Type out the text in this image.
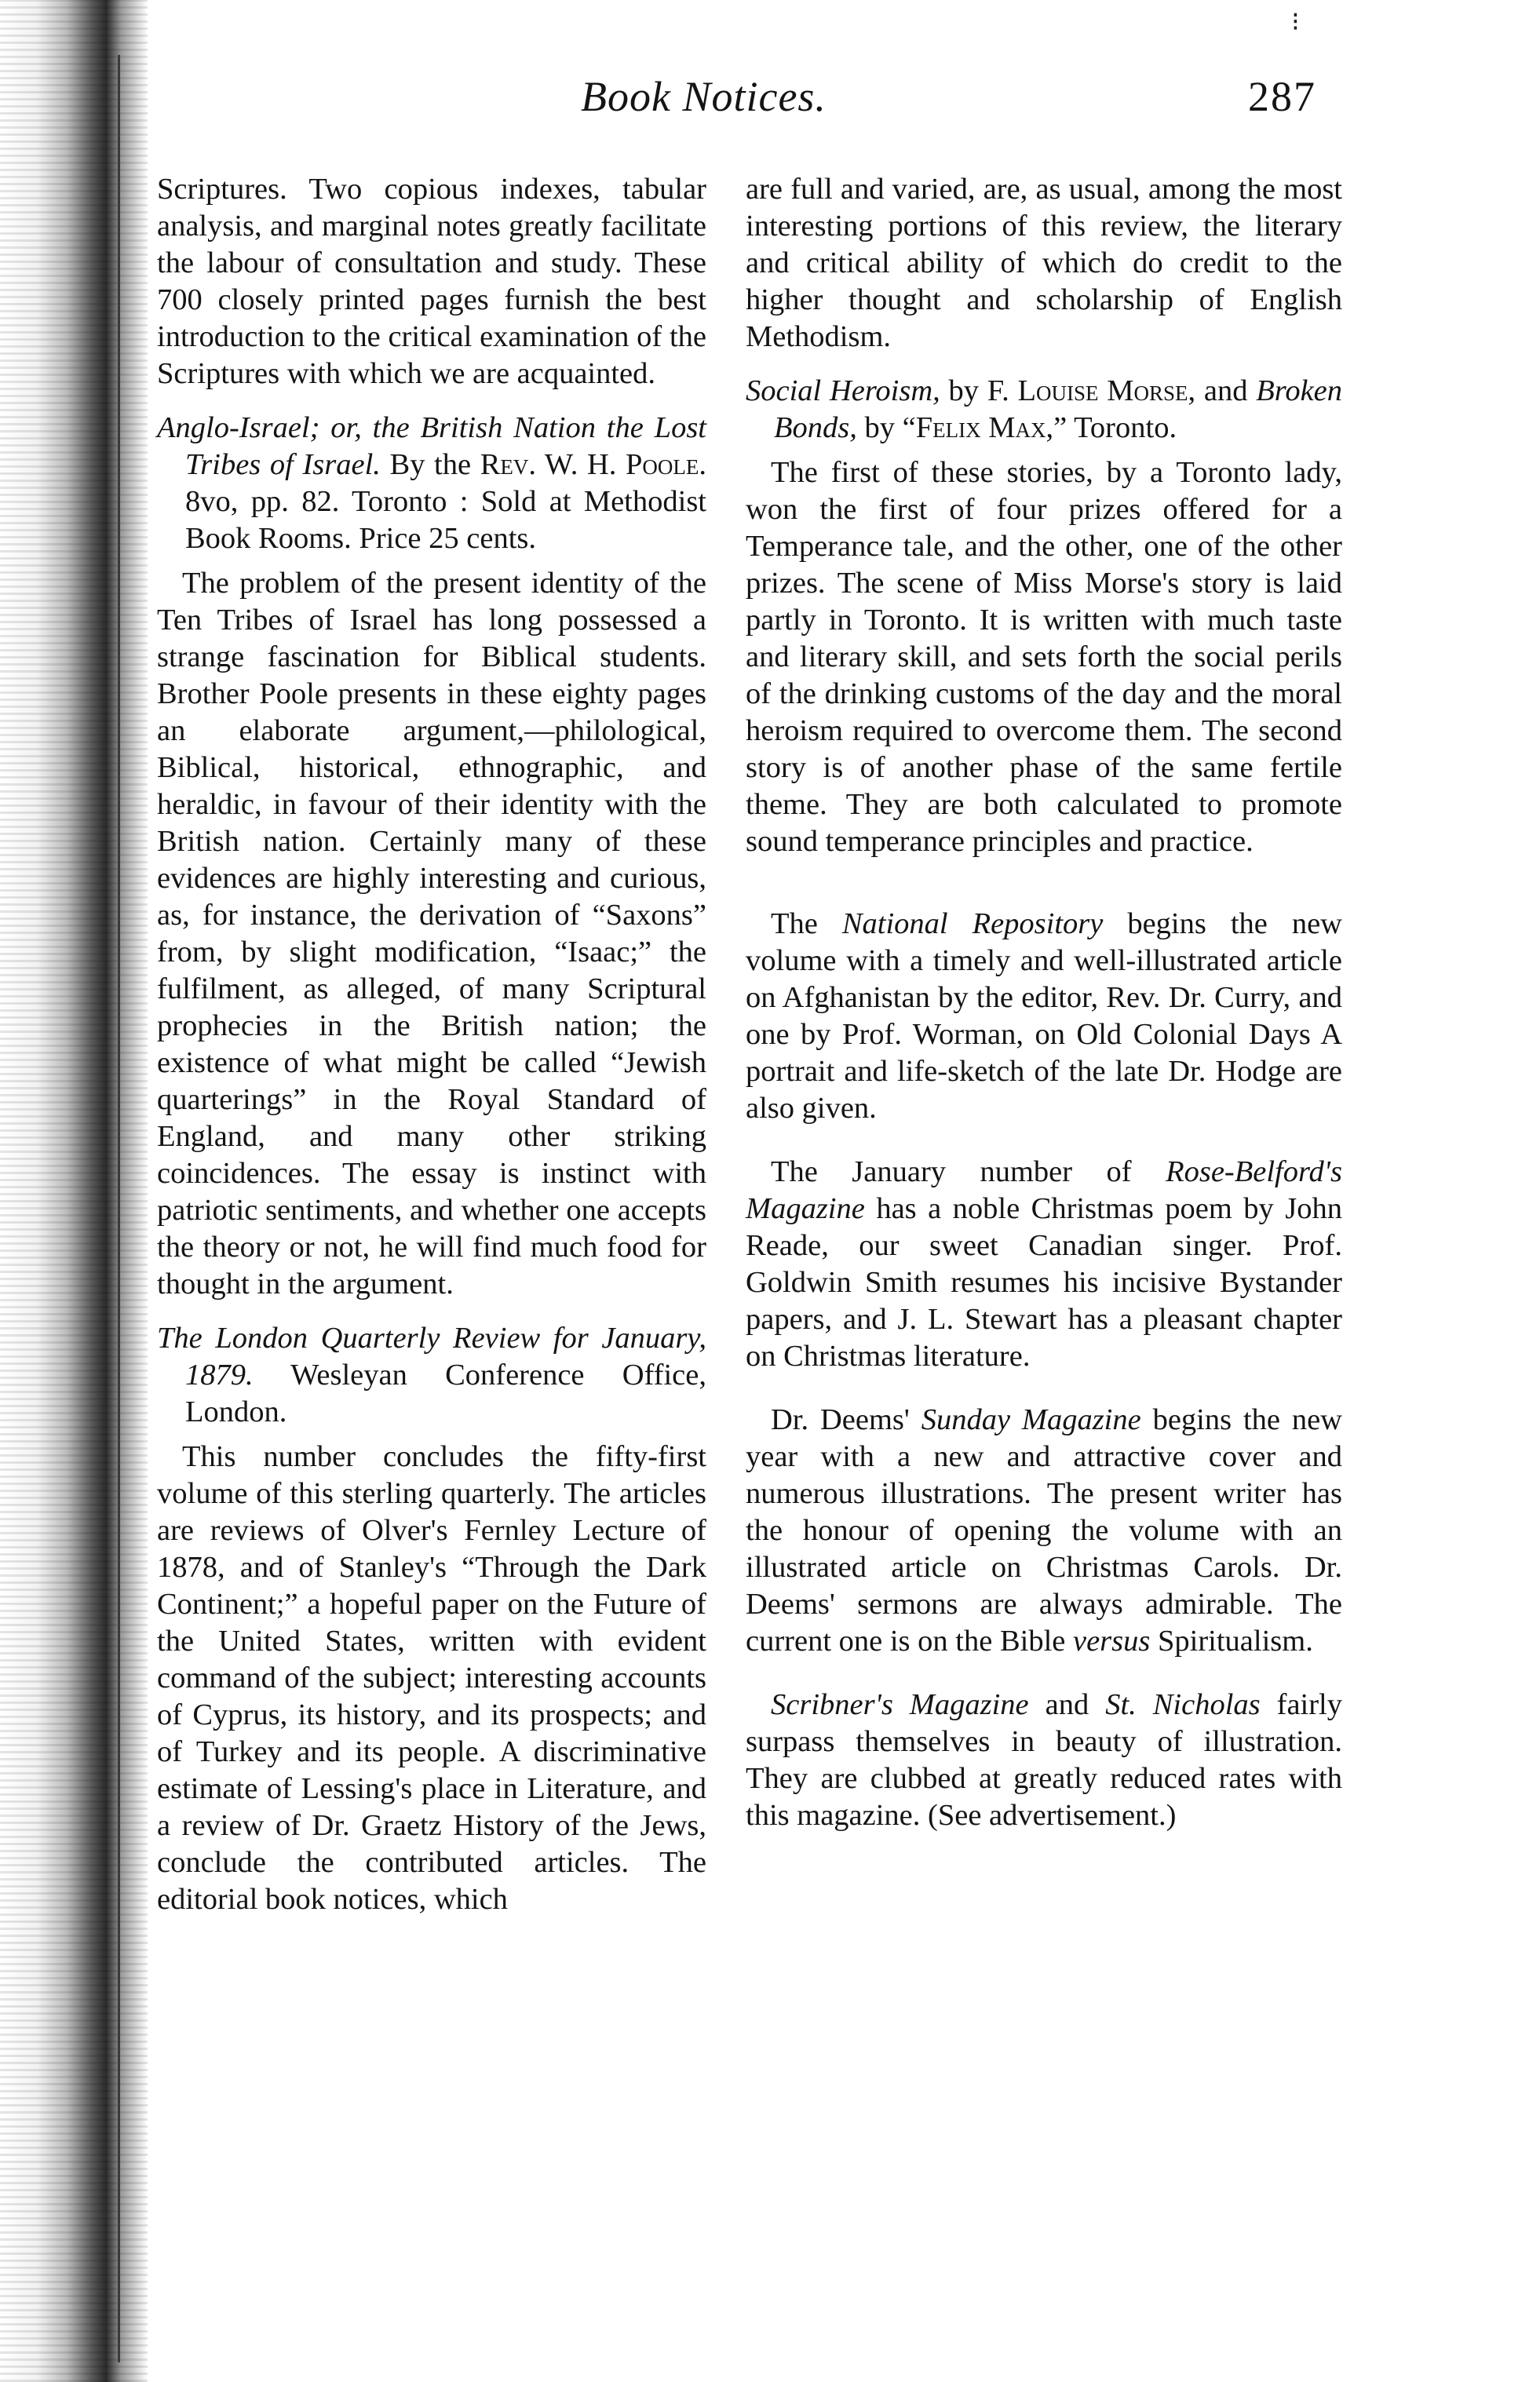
⁝
Book Notices.	287

Scriptures. Two copious indexes, tabular analysis, and marginal notes greatly facilitate the labour of consultation and study. These 700 closely printed pages furnish the best introduction to the critical examination of the Scriptures with which we are acquainted.

Anglo-Israel; or, the British Nation the Lost Tribes of Israel. By the Rev. W. H. Poole. 8vo, pp. 82. Toronto : Sold at Methodist Book Rooms. Price 25 cents.

The problem of the present identity of the Ten Tribes of Israel has long possessed a strange fascination for Biblical students. Brother Poole presents in these eighty pages an elaborate argument,—philological, Biblical, historical, ethnographic, and heraldic, in favour of their identity with the British nation. Certainly many of these evidences are highly interesting and curious, as, for instance, the derivation of “Saxons” from, by slight modification, “Isaac;” the fulfilment, as alleged, of many Scriptural prophecies in the British nation; the existence of what might be called “Jewish quarterings” in the Royal Standard of England, and many other striking coincidences. The essay is instinct with patriotic sentiments, and whether one accepts the theory or not, he will find much food for thought in the argument.

The London Quarterly Review for January, 1879. Wesleyan Conference Office, London.

This number concludes the fifty-first volume of this sterling quarterly. The articles are reviews of Olver's Fernley Lecture of 1878, and of Stanley's “Through the Dark Continent;” a hopeful paper on the Future of the United States, written with evident command of the subject; interesting accounts of Cyprus, its history, and its prospects; and of Turkey and its people. A discriminative estimate of Lessing's place in Literature, and a review of Dr. Graetz History of the Jews, conclude the contributed articles. The editorial book notices, which

are full and varied, are, as usual, among the most interesting portions of this review, the literary and critical ability of which do credit to the higher thought and scholarship of English Methodism.

Social Heroism, by F. Louise Morse, and Broken Bonds, by “Felix Max,” Toronto.

The first of these stories, by a Toronto lady, won the first of four prizes offered for a Temperance tale, and the other, one of the other prizes. The scene of Miss Morse's story is laid partly in Toronto. It is written with much taste and literary skill, and sets forth the social perils of the drinking customs of the day and the moral heroism required to overcome them. The second story is of another phase of the same fertile theme. They are both calculated to promote sound temperance principles and practice.

The National Repository begins the new volume with a timely and well-illustrated article on Afghanistan by the editor, Rev. Dr. Curry, and one by Prof. Worman, on Old Colonial Days A portrait and life-sketch of the late Dr. Hodge are also given.

The January number of Rose-Belford's Magazine has a noble Christmas poem by John Reade, our sweet Canadian singer. Prof. Goldwin Smith resumes his incisive Bystander papers, and J. L. Stewart has a pleasant chapter on Christmas literature.

Dr. Deems' Sunday Magazine begins the new year with a new and attractive cover and numerous illustrations. The present writer has the honour of opening the volume with an illustrated article on Christmas Carols. Dr. Deems' sermons are always admirable. The current one is on the Bible versus Spiritualism.

Scribner's Magazine and St. Nicholas fairly surpass themselves in beauty of illustration. They are clubbed at greatly reduced rates with this magazine. (See advertisement.)
